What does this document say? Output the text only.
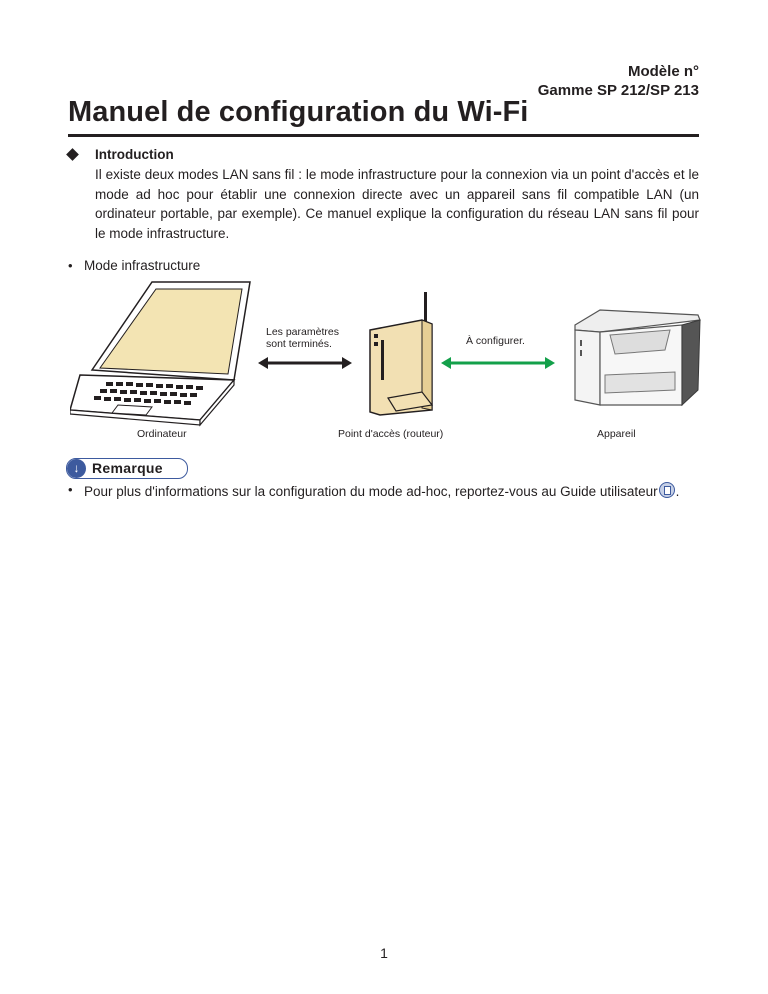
Modèle n°
Gamme SP 212/SP 213
Manuel de configuration du Wi-Fi
Introduction
Il existe deux modes LAN sans fil : le mode infrastructure pour la connexion via un point d'accès et le mode ad hoc pour établir une connexion directe avec un appareil sans fil compatible LAN (un ordinateur portable, par exemple). Ce manuel explique la configuration du réseau LAN sans fil pour le mode infrastructure.
• Mode infrastructure
Les paramètres
sont terminés.	À configurer.
Ordinateur	Point d'accès (routeur)	Appareil
↓ Remarque
• Pour plus d'informations sur la configuration du mode ad-hoc, reportez-vous au Guide utilisateur .
1
